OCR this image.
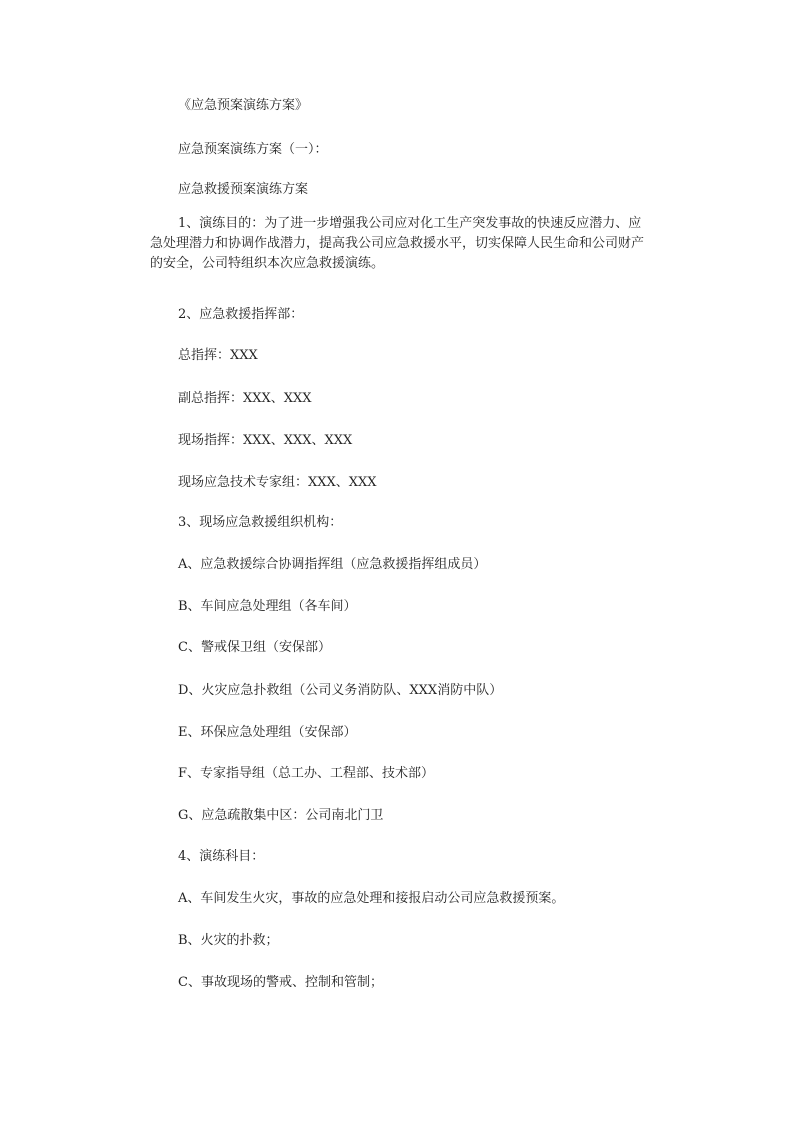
《应急预案演练方案》
应急预案演练方案（一）：
应急救援预案演练方案
1、演练目的：为了进一步增强我公司应对化工生产突发事故的快速反应潜力、应急处理潜力和协调作战潜力，提高我公司应急救援水平，切实保障人民生命和公司财产的安全，公司特组织本次应急救援演练。
2、应急救援指挥部：
总指挥：XXX
副总指挥：XXX、XXX
现场指挥：XXX、XXX、XXX
现场应急技术专家组：XXX、XXX
3、现场应急救援组织机构：
A、应急救援综合协调指挥组（应急救援指挥组成员）
B、车间应急处理组（各车间）
C、警戒保卫组（安保部）
D、火灾应急扑救组（公司义务消防队、XXX消防中队）
E、环保应急处理组（安保部）
F、专家指导组（总工办、工程部、技术部）
G、应急疏散集中区：公司南北门卫
4、演练科目：
A、车间发生火灾，事故的应急处理和接报启动公司应急救援预案。
B、火灾的扑救；
C、事故现场的警戒、控制和管制；
